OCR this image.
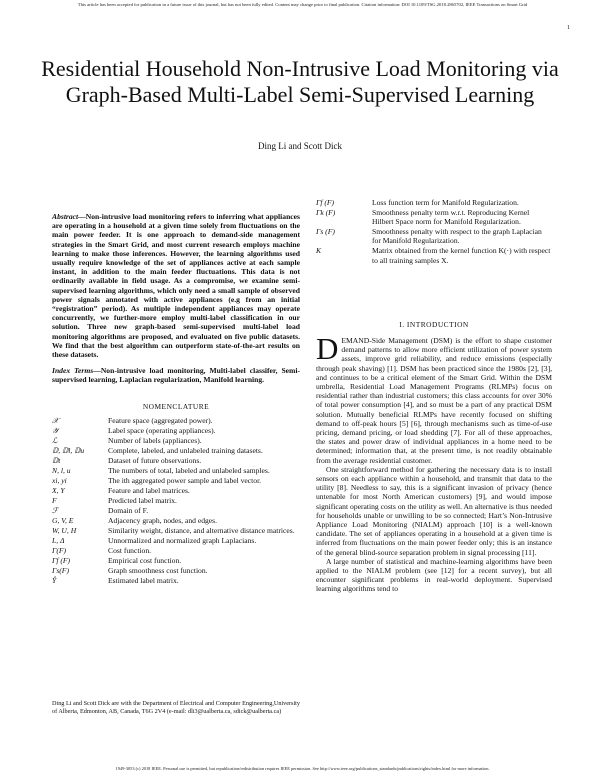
This article has been accepted for publication in a future issue of this journal, but has not been fully edited. Content may change prior to final publication. Citation information: DOI 10.1109/TSG.2018.2865702, IEEE Transactions on Smart Grid
1
Residential Household Non-Intrusive Load Monitoring via Graph-Based Multi-Label Semi-Supervised Learning
Ding Li and Scott Dick
Abstract—Non-intrusive load monitoring refers to inferring what appliances are operating in a household at a given time solely from fluctuations on the main power feeder. It is one approach to demand-side management strategies in the Smart Grid, and most current research employs machine learning to make those inferences. However, the learning algorithms used usually require knowledge of the set of appliances active at each sample instant, in addition to the main feeder fluctuations. This data is not ordinarily available in field usage. As a compromise, we examine semi-supervised learning algorithms, which only need a small sample of observed power signals annotated with active appliances (e.g from an initial “registration” period). As multiple independent appliances may operate concurrently, we further-more employ multi-label classification in our solution. Three new graph-based semi-supervised multi-label load monitoring algorithms are proposed, and evaluated on five public datasets. We find that the best algorithm can outperform state-of-the-art results on these datasets.
Index Terms—Non-intrusive load monitoring, Multi-label classifer, Semi-supervised learning, Laplacian regularization, Manifold learning.
NOMENCLATURE
𝒳	Feature space (aggregated power).
𝒴	Label space (operating appliances).
ℒ	Number of labels (appliances).
𝔻, 𝔻l, 𝔻u	Complete, labeled, and unlabeled training datasets.
𝔻t	Dataset of future observations.
N, l, u	The numbers of total, labeled and unlabeled samples.
xi, yi	The ith aggregated power sample and label vector.
X, Y	Feature and label matrices.
F	Predicted label matrix.
ℱ	Domain of F.
G, V, E	Adjacency graph, nodes, and edges.
W, U, H	Similarity weight, distance, and alternative distance matrices.
L, Δ	Unnormalized and normalized graph Laplacians.
Γ(F)	Cost function.
Γf (F)	Empirical cost function.
Γs(F)	Graph smoothness cost function.
Ŷ	Estimated label matrix.
Ding Li and Scott Dick are with the Department of Electrical and Computer Engineering,University of Alberta, Edmonton, AB, Canada, T6G 2V4 (e-mail: dli3@ualberta.ca, sdick@ualberta.ca)
Γf (F)	Loss function term for Manifold Regularization.
Γk (F)	Smoothness penalty term w.r.t. Reproducing Kernel Hilbert Space norm for Manifold Regularization.
Γs (F)	Smoothness penalty with respect to the graph Laplacian for Manifold Regularization.
K	Matrix obtained from the kernel function K(·) with respect to all training samples X.
I. INTRODUCTION

DEMAND-Side Management (DSM) is the effort to shape customer demand patterns to allow more efficient utilization of power system assets, improve grid reliability, and reduce emissions (especially through peak shaving) [1]. DSM has been practiced since the 1980s [2], [3], and continues to be a critical element of the Smart Grid. Within the DSM umbrella, Residential Load Management Programs (RLMPs) focus on residential rather than industrial customers; this class accounts for over 30% of total power consumption [4], and so must be a part of any practical DSM solution. Mutually beneficial RLMPs have recently focused on shifting demand to off-peak hours [5] [6], through mechanisms such as time-of-use pricing, demand pricing, or load shedding [7]. For all of these approaches, the states and power draw of individual appliances in a home need to be determined; information that, at the present time, is not readily obtainable from the average residential customer.

One straightforward method for gathering the necessary data is to install sensors on each appliance within a household, and transmit that data to the utility [8]. Needless to say, this is a significant invasion of privacy (hence untenable for most North American customers) [9], and would impose significant operating costs on the utility as well. An alternative is thus needed for households unable or unwilling to be so connected; Hart’s Non-Intrusive Appliance Load Monitoring (NIALM) approach [10] is a well-known candidate. The set of appliances operating in a household at a given time is inferred from fluctuations on the main power feeder only; this is an instance of the general blind-source separation problem in signal processing [11].

A large number of statistical and machine-learning algorithms have been applied to the NIALM problem (see [12] for a recent survey), but all encounter significant problems in real-world deployment. Supervised learning algorithms tend to

1949-3053 (c) 2018 IEEE. Personal use is permitted, but republication/redistribution requires IEEE permission. See http://www.ieee.org/publications_standards/publications/rights/index.html for more information.
